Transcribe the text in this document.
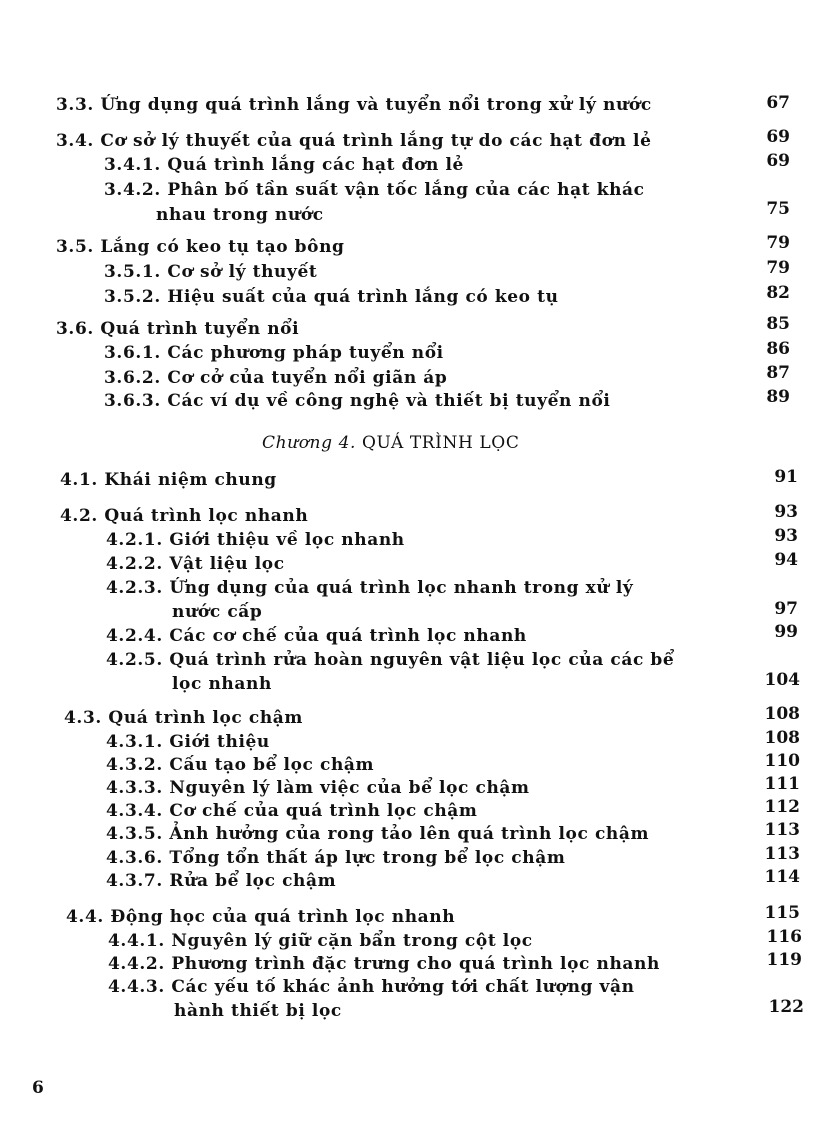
3.3. Ứng dụng quá trình lắng và tuyển nổi trong xử lý nước	67
3.4. Cơ sở lý thuyết của quá trình lắng tự do các hạt đơn lẻ	69
3.4.1. Quá trình lắng các hạt đơn lẻ	69
3.4.2. Phân bố tần suất vận tốc lắng của các hạt khác
nhau trong nước	75
3.5. Lắng có keo tụ tạo bông	79
3.5.1. Cơ sở lý thuyết	79
3.5.2. Hiệu suất của quá trình lắng có keo tụ	82
3.6. Quá trình tuyển nổi	85
3.6.1. Các phương pháp tuyển nổi	86
3.6.2. Cơ cở của tuyển nổi giãn áp	87
3.6.3. Các ví dụ về công nghệ và thiết bị tuyển nổi	89
Chương 4. QUÁ TRÌNH LỌC
4.1. Khái niệm chung	91
4.2. Quá trình lọc nhanh	93
4.2.1. Giới thiệu về lọc nhanh	93
4.2.2. Vật liệu lọc	94
4.2.3. Ứng dụng của quá trình lọc nhanh trong xử lý
nước cấp	97
4.2.4. Các cơ chế của quá trình lọc nhanh	99
4.2.5. Quá trình rửa hoàn nguyên vật liệu lọc của các bể
lọc nhanh	104
4.3. Quá trình lọc chậm	108
4.3.1. Giới thiệu	108
4.3.2. Cấu tạo bể lọc chậm	110
4.3.3. Nguyên lý làm việc của bể lọc chậm	111
4.3.4. Cơ chế của quá trình lọc chậm	112
4.3.5. Ảnh hưởng của rong tảo lên quá trình lọc chậm	113
4.3.6. Tổng tổn thất áp lực trong bể lọc chậm	113
4.3.7. Rửa bể lọc chậm	114
4.4. Động học của quá trình lọc nhanh	115
4.4.1. Nguyên lý giữ cặn bẩn trong cột lọc	116
4.4.2. Phương trình đặc trưng cho quá trình lọc nhanh	119
4.4.3. Các yếu tố khác ảnh hưởng tới chất lượng vận
hành thiết bị lọc	122
6
